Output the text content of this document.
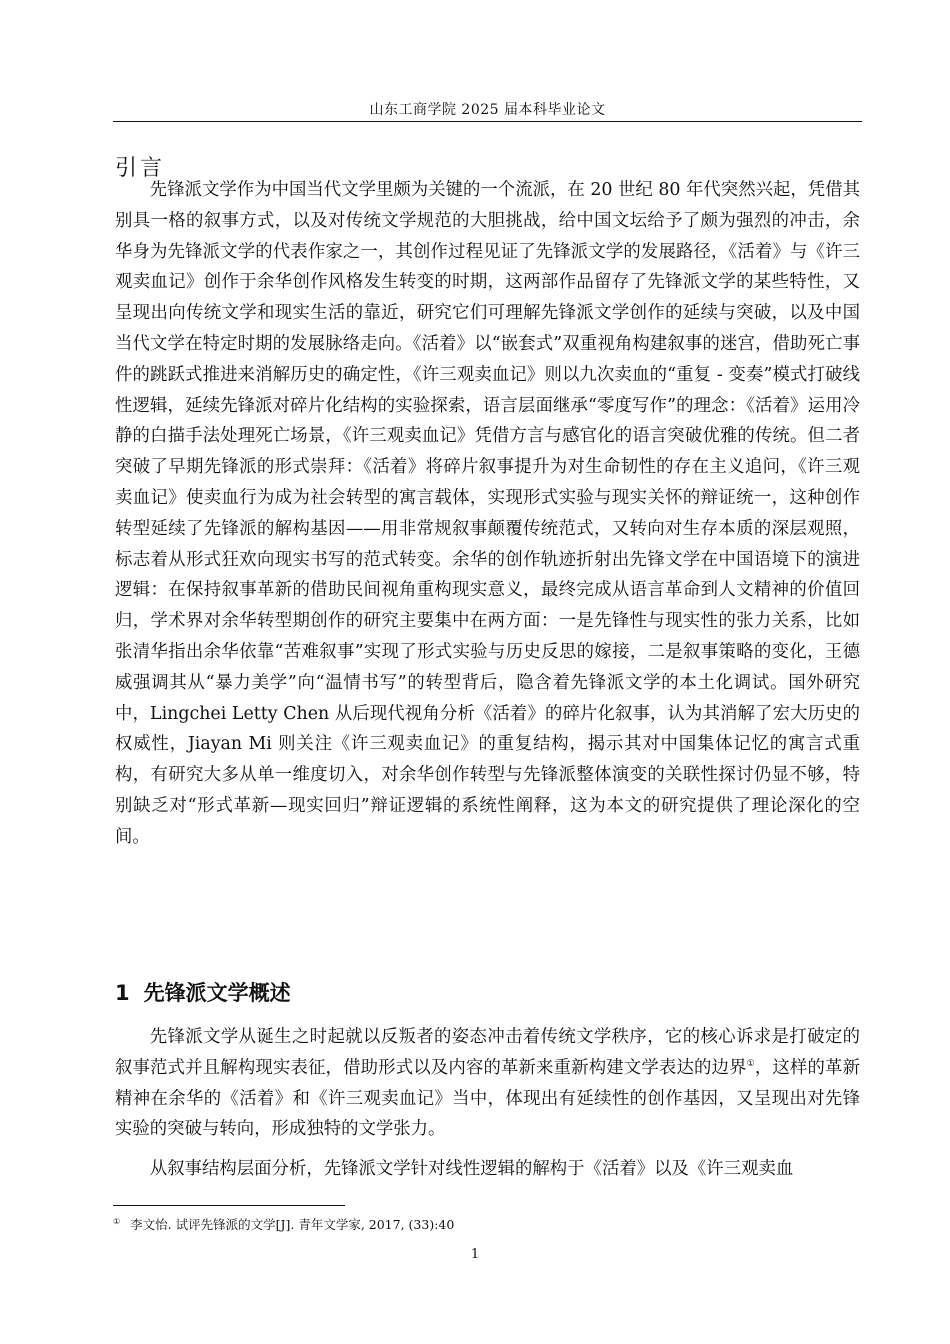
山东工商学院 2025 届本科毕业论文
引言

先锋派文学作为中国当代文学里颇为关键的一个流派，在 20 世纪 80 年代突然兴起，凭借其别具一格的叙事方式，以及对传统文学规范的大胆挑战，给中国文坛给予了颇为强烈的冲击，余华身为先锋派文学的代表作家之一，其创作过程见证了先锋派文学的发展路径，《活着》与《许三观卖血记》创作于余华创作风格发生转变的时期，这两部作品留存了先锋派文学的某些特性，又呈现出向传统文学和现实生活的靠近，研究它们可理解先锋派文学创作的延续与突破，以及中国当代文学在特定时期的发展脉络走向。《活着》以“嵌套式”双重视角构建叙事的迷宫，借助死亡事件的跳跃式推进来消解历史的确定性，《许三观卖血记》则以九次卖血的“重复 - 变奏”模式打破线性逻辑，延续先锋派对碎片化结构的实验探索，语言层面继承“零度写作”的理念：《活着》运用冷静的白描手法处理死亡场景，《许三观卖血记》凭借方言与感官化的语言突破优雅的传统。但二者突破了早期先锋派的形式崇拜：《活着》将碎片叙事提升为对生命韧性的存在主义追问，《许三观卖血记》使卖血行为成为社会转型的寓言载体，实现形式实验与现实关怀的辩证统一，这种创作转型延续了先锋派的解构基因——用非常规叙事颠覆传统范式，又转向对生存本质的深层观照，标志着从形式狂欢向现实书写的范式转变。余华的创作轨迹折射出先锋文学在中国语境下的演进逻辑：在保持叙事革新的借助民间视角重构现实意义，最终完成从语言革命到人文精神的价值回归，学术界对余华转型期创作的研究主要集中在两方面：一是先锋性与现实性的张力关系，比如张清华指出余华依靠“苦难叙事”实现了形式实验与历史反思的嫁接，二是叙事策略的变化，王德威强调其从“暴力美学”向“温情书写”的转型背后，隐含着先锋派文学的本土化调试。国外研究中，Lingchei Letty Chen 从后现代视角分析《活着》的碎片化叙事，认为其消解了宏大历史的权威性，Jiayan Mi 则关注《许三观卖血记》的重复结构，揭示其对中国集体记忆的寓言式重构，有研究大多从单一维度切入，对余华创作转型与先锋派整体演变的关联性探讨仍显不够，特别缺乏对“形式革新—现实回归”辩证逻辑的系统性阐释，这为本文的研究提供了理论深化的空间。

1 先锋派文学概述

先锋派文学从诞生之时起就以反叛者的姿态冲击着传统文学秩序，它的核心诉求是打破定的叙事范式并且解构现实表征，借助形式以及内容的革新来重新构建文学表达的边界①，这样的革新精神在余华的《活着》和《许三观卖血记》当中，体现出有延续性的创作基因，又呈现出对先锋实验的突破与转向，形成独特的文学张力。

从叙事结构层面分析，先锋派文学针对线性逻辑的解构于《活着》以及《许三观卖血

① 李文怡. 试评先锋派的文学[J]. 青年文学家, 2017, (33):40
1
